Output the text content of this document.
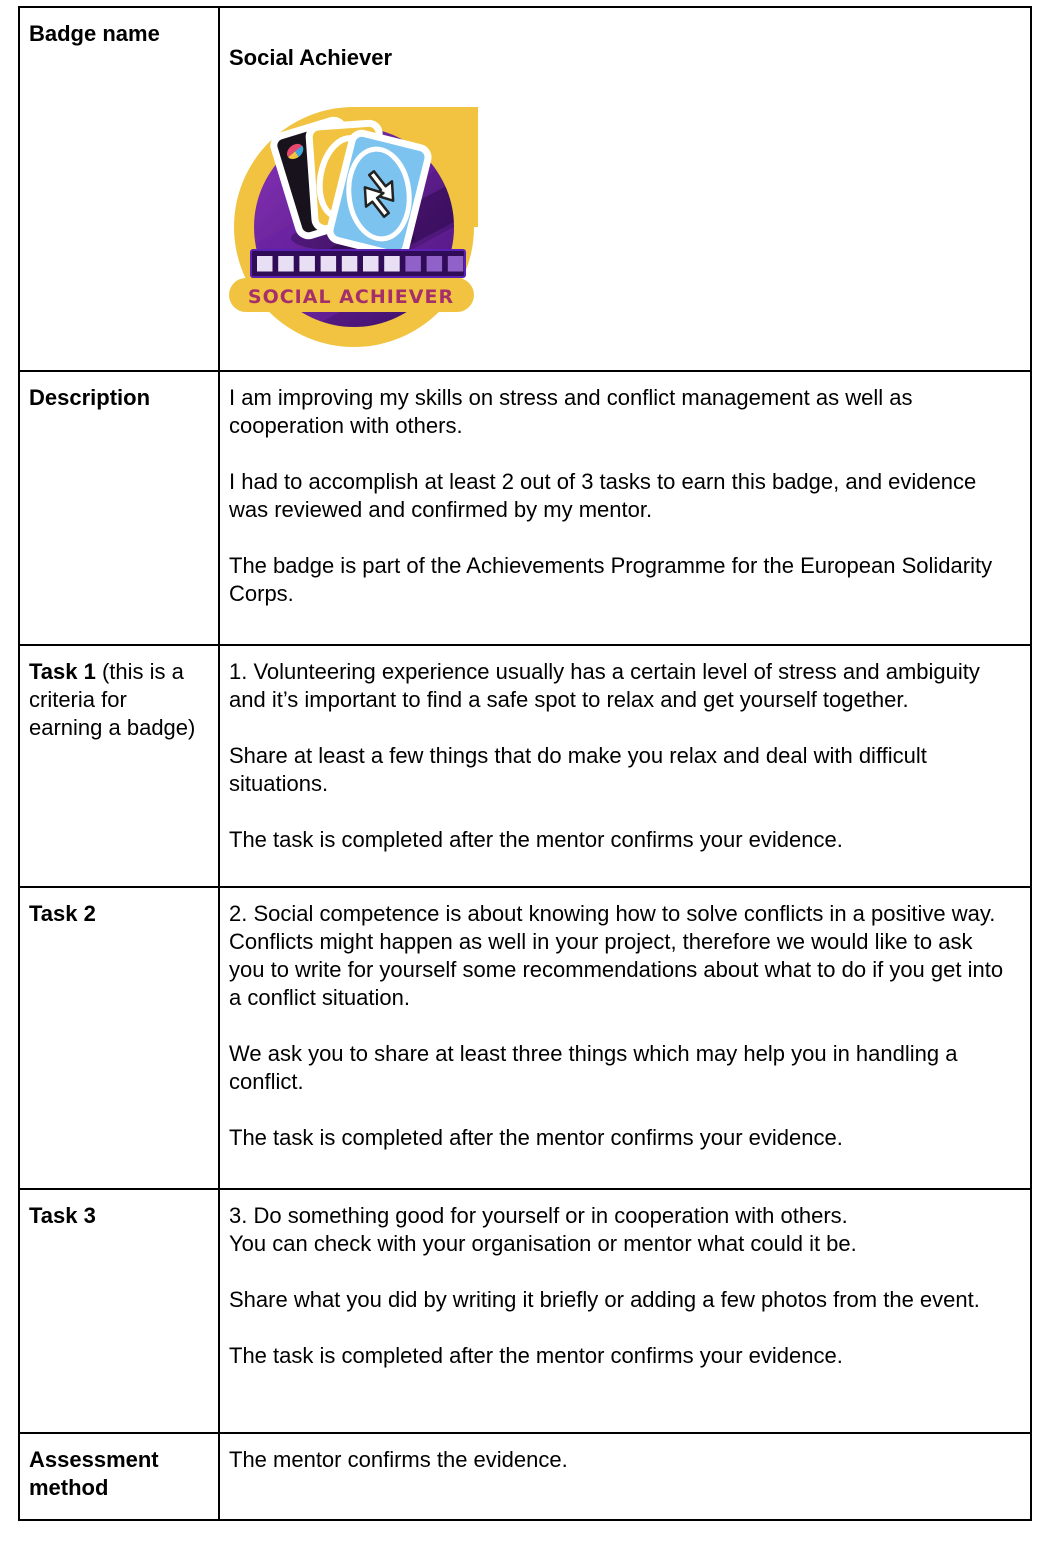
Badge name	Social Achiever
SOCIAL ACHIEVER

Description	I am improving my skills on stress and conflict management as well as cooperation with others.

I had to accomplish at least 2 out of 3 tasks to earn this badge, and evidence was reviewed and confirmed by my mentor.

The badge is part of the Achievements Programme for the European Solidarity Corps.

Task 1 (this is a criteria for earning a badge)	1. Volunteering experience usually has a certain level of stress and ambiguity and it’s important to find a safe spot to relax and get yourself together.

Share at least a few things that do make you relax and deal with difficult situations.

The task is completed after the mentor confirms your evidence.

Task 2	2. Social competence is about knowing how to solve conflicts in a positive way. Conflicts might happen as well in your project, therefore we would like to ask you to write for yourself some recommendations about what to do if you get into a conflict situation.

We ask you to share at least three things which may help you in handling a conflict.

The task is completed after the mentor confirms your evidence.

Task 3	3. Do something good for yourself or in cooperation with others.
You can check with your organisation or mentor what could it be.

Share what you did by writing it briefly or adding a few photos from the event.

The task is completed after the mentor confirms your evidence.

Assessment method	The mentor confirms the evidence.
